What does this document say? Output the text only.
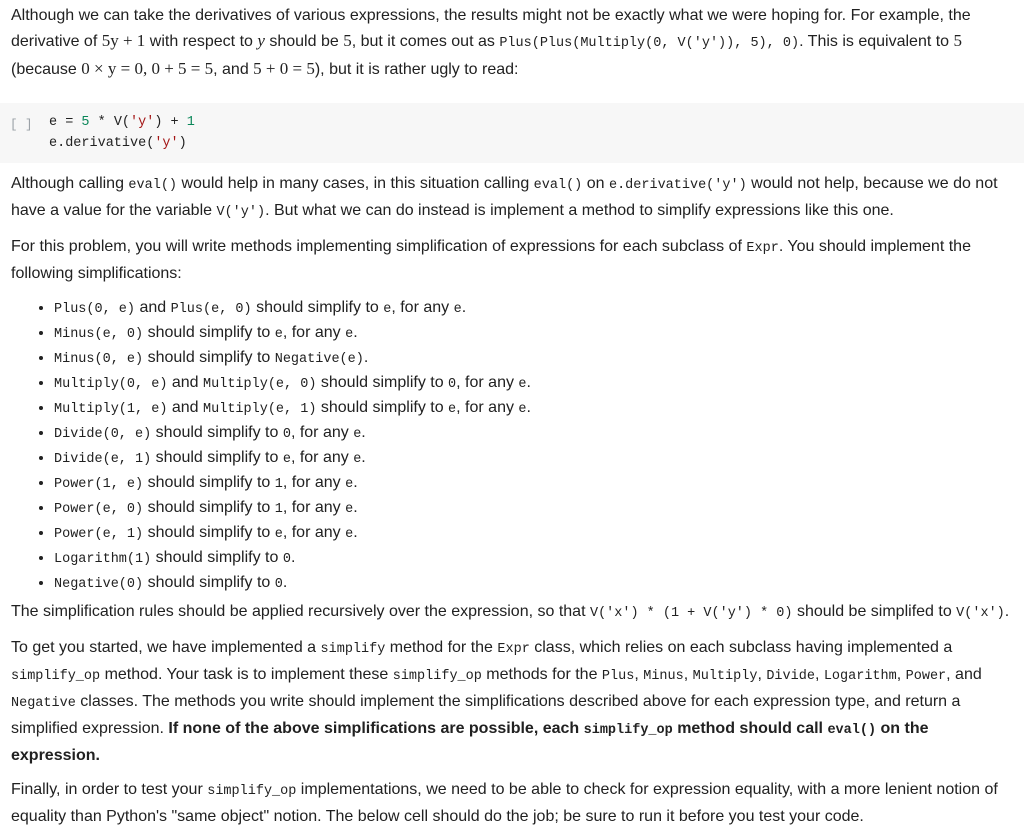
Although we can take the derivatives of various expressions, the results might not be exactly what we were hoping for. For example, the derivative of 5y + 1 with respect to y should be 5, but it comes out as Plus(Plus(Multiply(0, V('y')), 5), 0). This is equivalent to 5 (because 0 × y = 0, 0 + 5 = 5, and 5 + 0 = 5), but it is rather ugly to read:

[ ] e = 5 * V('y') + 1
e.derivative('y')

Although calling eval() would help in many cases, in this situation calling eval() on e.derivative('y') would not help, because we do not have a value for the variable V('y'). But what we can do instead is implement a method to simplify expressions like this one.

For this problem, you will write methods implementing simplification of expressions for each subclass of Expr. You should implement the following simplifications:

• Plus(0, e) and Plus(e, 0) should simplify to e, for any e.
• Minus(e, 0) should simplify to e, for any e.
• Minus(0, e) should simplify to Negative(e).
• Multiply(0, e) and Multiply(e, 0) should simplify to 0, for any e.
• Multiply(1, e) and Multiply(e, 1) should simplify to e, for any e.
• Divide(0, e) should simplify to 0, for any e.
• Divide(e, 1) should simplify to e, for any e.
• Power(1, e) should simplify to 1, for any e.
• Power(e, 0) should simplify to 1, for any e.
• Power(e, 1) should simplify to e, for any e.
• Logarithm(1) should simplify to 0.
• Negative(0) should simplify to 0.

The simplification rules should be applied recursively over the expression, so that V('x') * (1 + V('y') * 0) should be simplifed to V('x').

To get you started, we have implemented a simplify method for the Expr class, which relies on each subclass having implemented a simplify_op method. Your task is to implement these simplify_op methods for the Plus, Minus, Multiply, Divide, Logarithm, Power, and Negative classes. The methods you write should implement the simplifications described above for each expression type, and return a simplified expression. If none of the above simplifications are possible, each simplify_op method should call eval() on the expression.

Finally, in order to test your simplify_op implementations, we need to be able to check for expression equality, with a more lenient notion of equality than Python's "same object" notion. The below cell should do the job; be sure to run it before you test your code.
